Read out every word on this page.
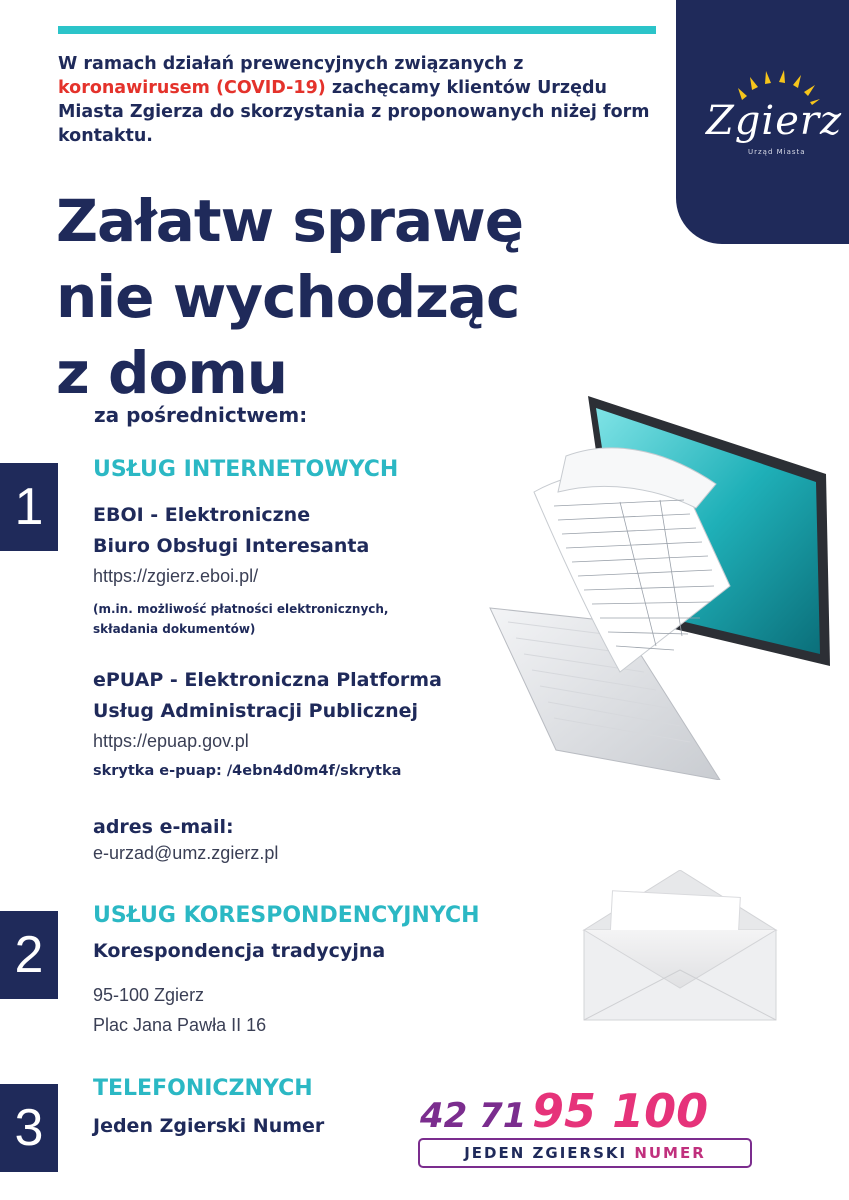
Zgierz
Urząd Miasta
W ramach działań prewencyjnych związanych z koronawirusem (COVID-19) zachęcamy klientów Urzędu Miasta Zgierza do skorzystania z proponowanych niżej form kontaktu.
Załatw sprawę
nie wychodząc
z domu
za pośrednictwem:
1
USŁUG INTERNETOWYCH
EBOI - Elektroniczne
Biuro Obsługi Interesanta
https://zgierz.eboi.pl/
(m.in. możliwość płatności elektronicznych,
składania dokumentów)
ePUAP - Elektroniczna Platforma
Usług Administracji Publicznej
https://epuap.gov.pl
skrytka e-puap: /4ebn4d0m4f/skrytka
adres e-mail:
e-urzad@umz.zgierz.pl
2
USŁUG KORESPONDENCYJNYCH
Korespondencja tradycyjna
95-100 Zgierz
Plac Jana Pawła II 16
3
TELEFONICZNYCH
Jeden Zgierski Numer	42 71 95 100
JEDEN ZGIERSKI NUMER
